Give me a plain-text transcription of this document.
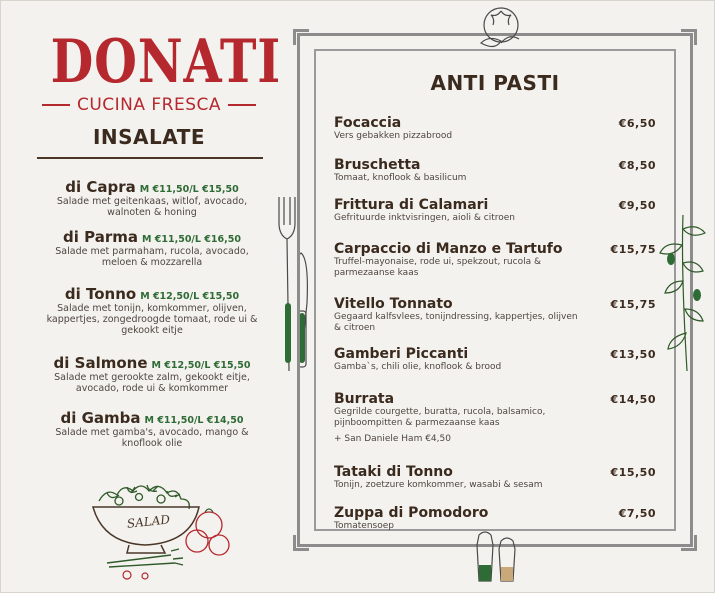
DONATI
CUCINA FRESCA
INSALATE
di Capra M €11,50/L €15,50
Salade met geitenkaas, witlof, avocado, walnoten & honing
di Parma M €11,50/L €16,50
Salade met parmaham, rucola, avocado, meloen & mozzarella
di Tonno M €12,50/L €15,50
Salade met tonijn, komkommer, olijven, kappertjes, zongedroogde tomaat, rode ui & gekookt eitje
di Salmone M €12,50/L €15,50
Salade met gerookte zalm, gekookt eitje, avocado, rode ui & komkommer
di Gamba M €11,50/L €14,50
Salade met gamba's, avocado, mango & knoflook olie
SALAD
ANTI PASTI
Focaccia	€6,50
Vers gebakken pizzabrood
Bruschetta	€8,50
Tomaat, knoflook & basilicum
Frittura di Calamari	€9,50
Gefrituurde inktvisringen, aioli & citroen
Carpaccio di Manzo e Tartufo	€15,75
Truffel-mayonaise, rode ui, spekzout, rucola & parmezaanse kaas
Vitello Tonnato	€15,75
Gegaard kalfsvlees, tonijndressing, kappertjes, olijven & citroen
Gamberi Piccanti	€13,50
Gamba`s, chili olie, knoflook & brood
Burrata	€14,50
Gegrilde courgette, buratta, rucola, balsamico, pijnboompitten & parmezaanse kaas
+ San Daniele Ham €4,50
Tataki di Tonno	€15,50
Tonijn, zoetzure komkommer, wasabi & sesam
Zuppa di Pomodoro	€7,50
Tomatensoep
